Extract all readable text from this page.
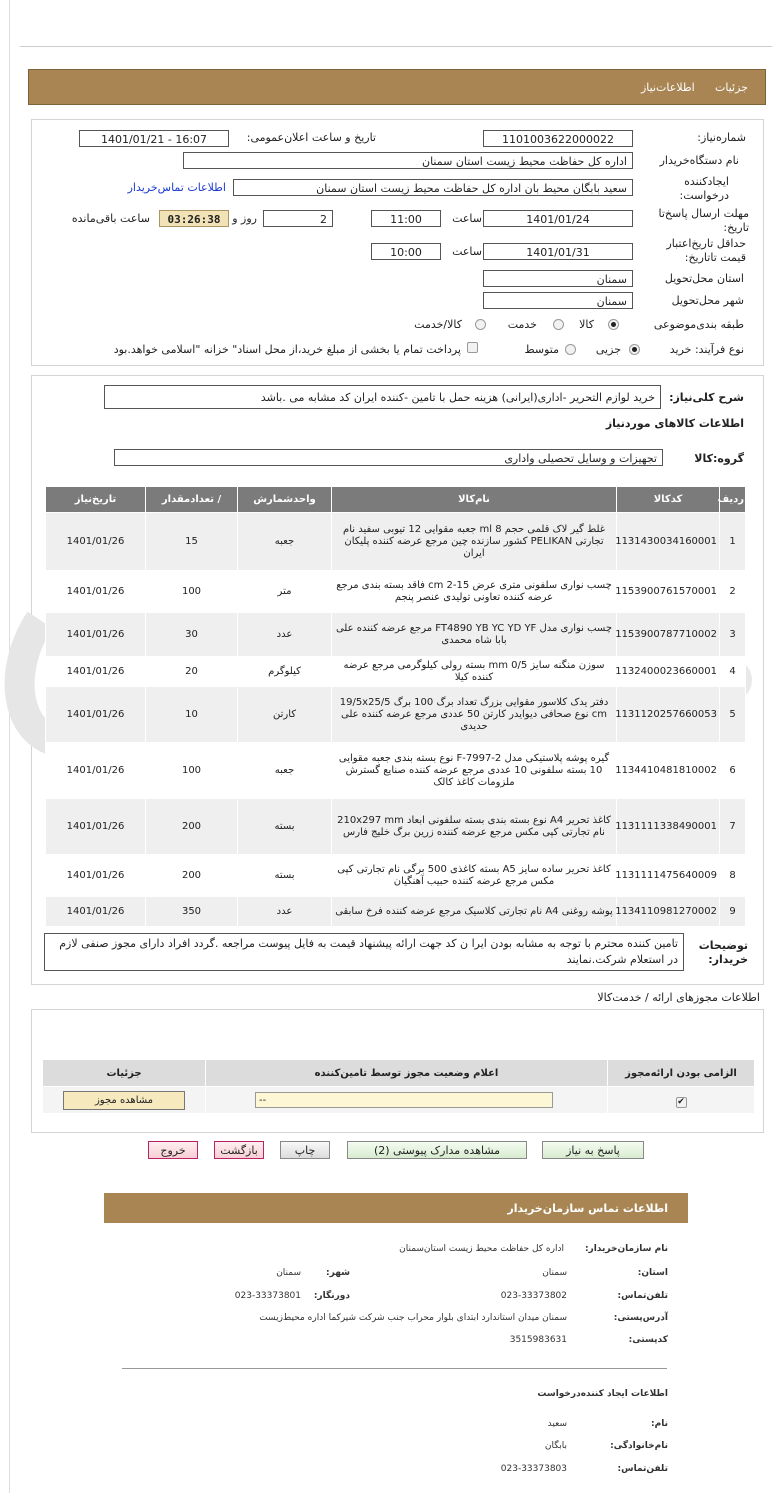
اطلاعات‌نیاز جزئیات
شماره‌نیاز:
1101003622000022
تاریخ و ساعت اعلان‌عمومی:
1401/01/21 - 16:07
نام دستگاه‌خریدار
اداره کل حفاظت محیط زیست استان سمنان
ایجادکننده درخواست:
سعید بابگان محیط بان اداره کل حفاظت محیط زیست استان سمنان
اطلاعات تماس‌خریدار
مهلت ارسال پاسخ‌تا تاریخ:
1401/01/24
ساعت
11:00
2
روز و
03:26:38
ساعت باقی‌مانده
حداقل تاریخ‌اعتبار قیمت تا‌تاریخ:
1401/01/31
ساعت
10:00
استان محل‌تحویل
سمنان
شهر محل‌تحویل
سمنان
طبقه بندی‌موضوعی
کالا
خدمت
کالا/خدمت
نوع فرآیند: خرید
جزیی
متوسط
پرداخت تمام یا بخشی از مبلغ خرید،از محل اسناد" خزانه "اسلامی خواهد.بود
شرح کلی‌نیاز:
خرید لوازم التحریر -اداری(ایرانی) هزینه حمل با تامین -کننده ایران کد مشابه می .باشد
اطلاعات کالاهای موردنیاز
گروه:کالا
تجهیزات و وسایل تحصیلی واداری
ردیف	کدکالا	نام‌کالا	واحدشمارش	/ تعدادمقدار	تاریخ‌نیاز
1	1131430034160001	غلط گیر لاک قلمی حجم 8 ml جعبه مقوایی 12 تیوبی سفید نام تجارتی PELIKAN کشور سازنده چین مرجع عرضه کننده پلیکان ایران	جعبه	15	1401/01/26
2	1153900761570001	چسب نواری سلفونی متری عرض 15-2 cm فاقد بسته بندی مرجع عرضه کننده تعاونی تولیدی عنصر پنجم	متر	100	1401/01/26
3	1153900787710002	چسب نواری مدل FT4890 YB YC YD YF مرجع عرضه کننده علی بابا شاه محمدی	عدد	30	1401/01/26
4	1132400023660001	سوزن منگنه سایز 0/5 mm بسته رولی کیلوگرمی مرجع عرضه کننده کیلا	کیلوگرم	20	1401/01/26
5	1131120257660053	دفتر یدک کلاسور مقوایی بزرگ تعداد برگ 100 برگ 19/5x25/5 cm نوع صحافی دیوایدر کارتن 50 عددی مرجع عرضه کننده علی حدیدی	کارتن	10	1401/01/26
6	1134410481810002	گیره پوشه پلاستیکی مدل F-7997-2 نوع بسته بندی جعبه مقوایی 10 بسته سلفونی 10 عددی مرجع عرضه کننده صنایع گسترش ملزومات کاغذ کالک	جعبه	100	1401/01/26
7	1131111338490001	کاغذ تحریر A4 نوع بسته بندی بسته سلفونی ابعاد 210x297 mm نام تجارتی کپی مکس مرجع عرضه کننده زرین برگ خلیج فارس	بسته	200	1401/01/26
8	1131111475640009	کاغذ تحریر ساده سایز A5 بسته کاغذی 500 برگی نام تجارتی کپی مکس مرجع عرضه کننده حبیب آهنگیان	بسته	200	1401/01/26
9	1134110981270002	پوشه روغنی A4 نام تجارتی کلاسیک مرجع عرضه کننده فرخ سابقی	عدد	350	1401/01/26
توضیحات خریدار:
تامین کننده محترم با توجه به مشابه بودن ایرا ن کد جهت ارائه پیشنهاد قیمت به فایل پیوست مراجعه .گردد افراد دارای مجوز صنفی لازم در استعلام شرکت.نمایند
اطلاعات مجوزهای ارائه / خدمت‌کالا
الزامی بودن ارائه‌مجوز	اعلام وضعیت مجوز توسط تامین‌کننده	جزئیات
✔	--	مشاهده مجوز
پاسخ به نیاز
مشاهده مدارک پیوستی (2)
چاپ
بازگشت
خروج
اطلاعات تماس سازمان‌خریدار
نام سازمان‌خریدار:
اداره کل حفاظت محیط زیست استان‌سمنان
استان:
سمنان
شهر:
سمنان
تلفن‌تماس:
023-33373802
دورنگار:
023-33373801
آدرس‌پستی:
سمنان میدان استاندارد ابتدای بلوار محراب جنب شرکت شیرکما اداره محیط‌زیست
کدپستی:
3515983631
اطلاعات ایجاد کننده‌درخواست
نام:
سعید
نام‌خانوادگی:
بابگان
تلفن‌تماس:
023-33373803
